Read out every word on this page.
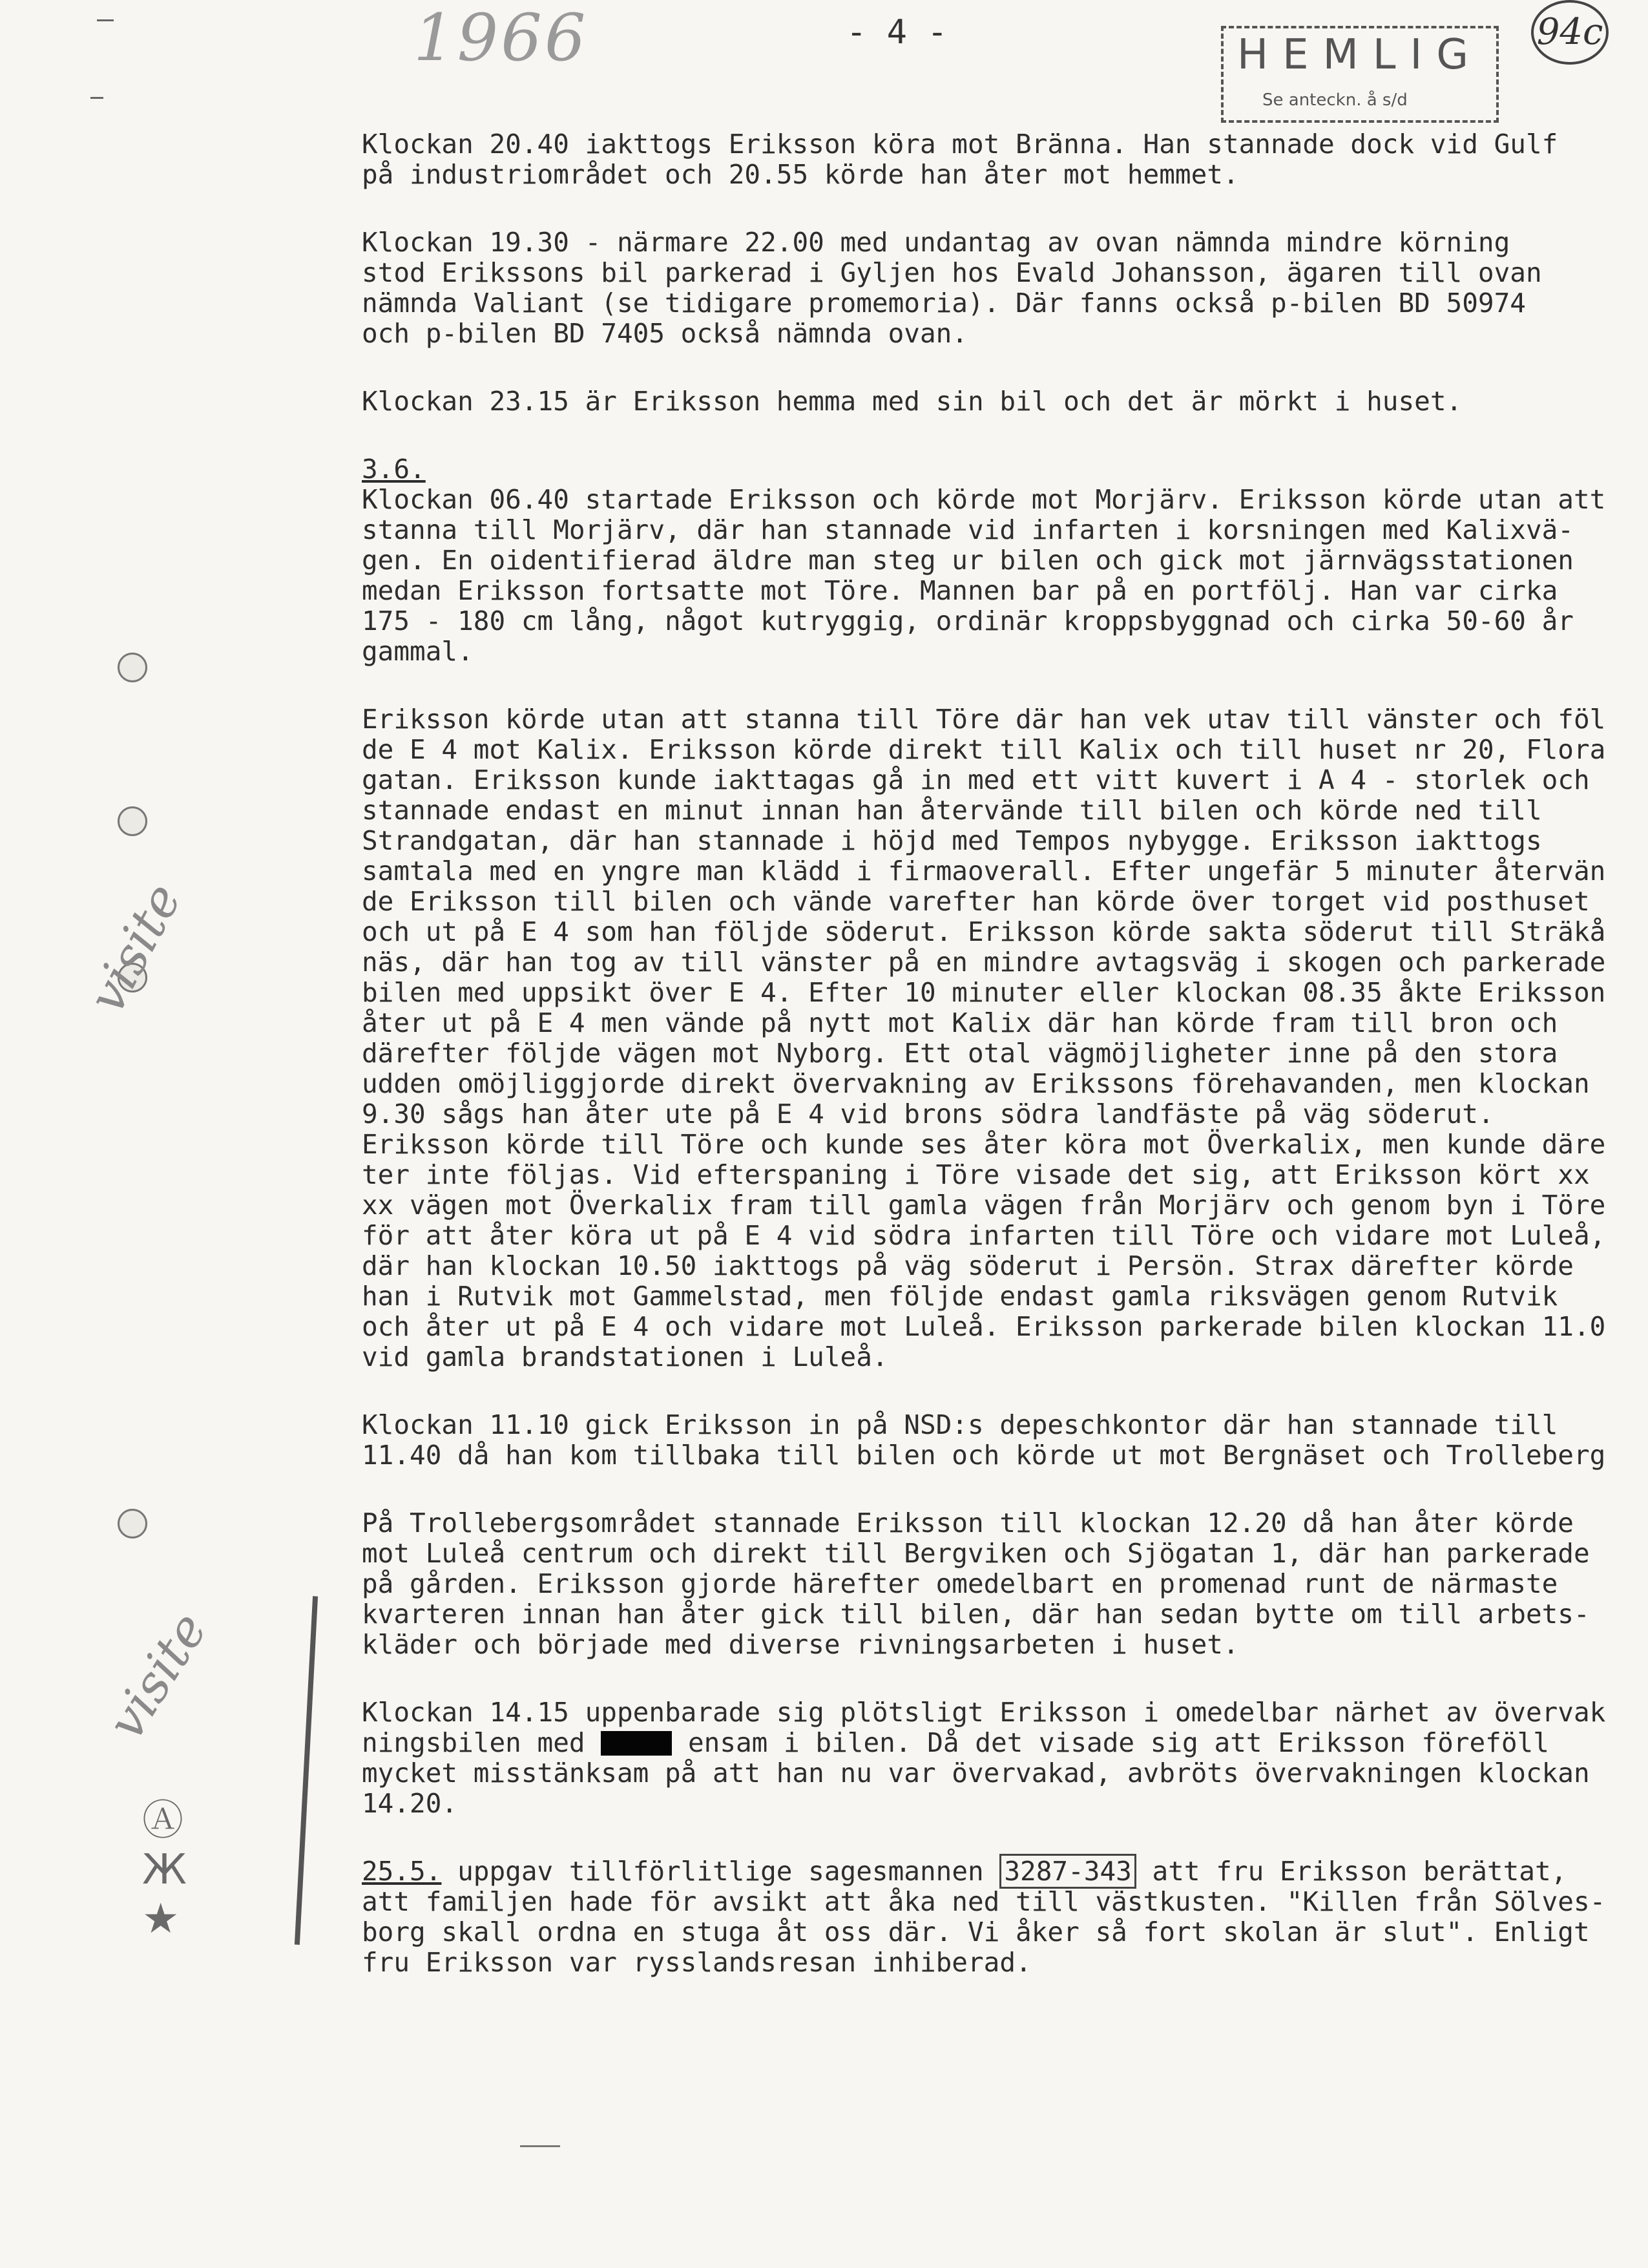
1966	- 4 -	HEMLIG
Se anteckn. å s/d
94c
visite
visite
Ⓐ
Ж
★
Klockan 20.40 iakttogs Eriksson köra mot Bränna. Han stannade dock vid Gulf
på industriområdet och 20.55 körde han åter mot hemmet.
Klockan 19.30 - närmare 22.00 med undantag av ovan nämnda mindre körning
stod Erikssons bil parkerad i Gyljen hos Evald Johansson, ägaren till ovan
nämnda Valiant (se tidigare promemoria). Där fanns också p-bilen BD 50974
och p-bilen BD 7405 också nämnda ovan.
Klockan 23.15 är Eriksson hemma med sin bil och det är mörkt i huset.
3.6.
Klockan 06.40 startade Eriksson och körde mot Morjärv. Eriksson körde utan att
stanna till Morjärv, där han stannade vid infarten i korsningen med Kalixvä-
gen. En oidentifierad äldre man steg ur bilen och gick mot järnvägsstationen
medan Eriksson fortsatte mot Töre. Mannen bar på en portfölj. Han var cirka
175 - 180 cm lång, något kutryggig, ordinär kroppsbyggnad och cirka 50-60 år
gammal.
Eriksson körde utan att stanna till Töre där han vek utav till vänster och föl
de E 4 mot Kalix. Eriksson körde direkt till Kalix och till huset nr 20, Flora
gatan. Eriksson kunde iakttagas gå in med ett vitt kuvert i A 4 - storlek och
stannade endast en minut innan han återvände till bilen och körde ned till
Strandgatan, där han stannade i höjd med Tempos nybygge. Eriksson iakttogs
samtala med en yngre man klädd i firmaoverall. Efter ungefär 5 minuter återvän
de Eriksson till bilen och vände varefter han körde över torget vid posthuset
och ut på E 4 som han följde söderut. Eriksson körde sakta söderut till Sträkå
näs, där han tog av till vänster på en mindre avtagsväg i skogen och parkerade
bilen med uppsikt över E 4. Efter 10 minuter eller klockan 08.35 åkte Eriksson
åter ut på E 4 men vände på nytt mot Kalix där han körde fram till bron och
därefter följde vägen mot Nyborg. Ett otal vägmöjligheter inne på den stora
udden omöjliggjorde direkt övervakning av Erikssons förehavanden, men klockan
9.30 sågs han åter ute på E 4 vid brons södra landfäste på väg söderut.
Eriksson körde till Töre och kunde ses åter köra mot Överkalix, men kunde däre
ter inte följas. Vid efterspaning i Töre visade det sig, att Eriksson kört xx
xx vägen mot Överkalix fram till gamla vägen från Morjärv och genom byn i Töre
för att åter köra ut på E 4 vid södra infarten till Töre och vidare mot Luleå,
där han klockan 10.50 iakttogs på väg söderut i Persön. Strax därefter körde
han i Rutvik mot Gammelstad, men följde endast gamla riksvägen genom Rutvik
och åter ut på E 4 och vidare mot Luleå. Eriksson parkerade bilen klockan 11.0
vid gamla brandstationen i Luleå.
Klockan 11.10 gick Eriksson in på NSD:s depeschkontor där han stannade till
11.40 då han kom tillbaka till bilen och körde ut mot Bergnäset och Trolleberg
På Trollebergsområdet stannade Eriksson till klockan 12.20 då han åter körde
mot Luleå centrum och direkt till Bergviken och Sjögatan 1, där han parkerade
på gården. Eriksson gjorde härefter omedelbart en promenad runt de närmaste
kvarteren innan han åter gick till bilen, där han sedan bytte om till arbets-
kläder och började med diverse rivningsarbeten i huset.
Klockan 14.15 uppenbarade sig plötsligt Eriksson i omedelbar närhet av övervak
ningsbilen med	ensam i bilen. Då det visade sig att Eriksson föreföll
mycket misstänksam på att han nu var övervakad, avbröts övervakningen klockan
14.20.
25.5. uppgav tillförlitlige sagesmannen 3287-343 att fru Eriksson berättat,
att familjen hade för avsikt att åka ned till västkusten. "Killen från Sölves-
borg skall ordna en stuga åt oss där. Vi åker så fort skolan är slut". Enligt
fru Eriksson var rysslandsresan inhiberad.
